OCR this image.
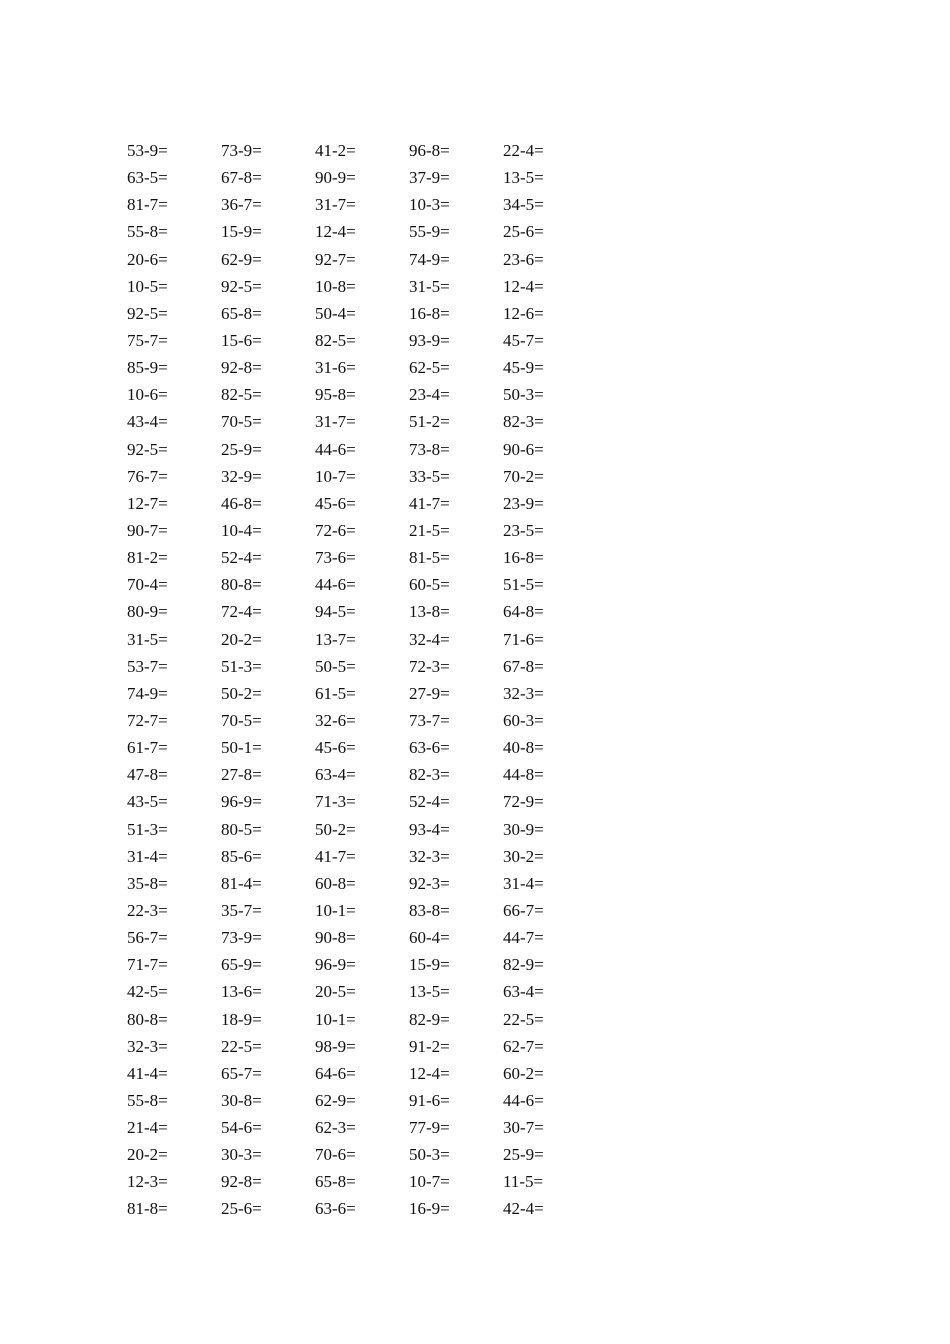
53-9=	73-9=	41-2=	96-8=	22-4=
63-5=	67-8=	90-9=	37-9=	13-5=
81-7=	36-7=	31-7=	10-3=	34-5=
55-8=	15-9=	12-4=	55-9=	25-6=
20-6=	62-9=	92-7=	74-9=	23-6=
10-5=	92-5=	10-8=	31-5=	12-4=
92-5=	65-8=	50-4=	16-8=	12-6=
75-7=	15-6=	82-5=	93-9=	45-7=
85-9=	92-8=	31-6=	62-5=	45-9=
10-6=	82-5=	95-8=	23-4=	50-3=
43-4=	70-5=	31-7=	51-2=	82-3=
92-5=	25-9=	44-6=	73-8=	90-6=
76-7=	32-9=	10-7=	33-5=	70-2=
12-7=	46-8=	45-6=	41-7=	23-9=
90-7=	10-4=	72-6=	21-5=	23-5=
81-2=	52-4=	73-6=	81-5=	16-8=
70-4=	80-8=	44-6=	60-5=	51-5=
80-9=	72-4=	94-5=	13-8=	64-8=
31-5=	20-2=	13-7=	32-4=	71-6=
53-7=	51-3=	50-5=	72-3=	67-8=
74-9=	50-2=	61-5=	27-9=	32-3=
72-7=	70-5=	32-6=	73-7=	60-3=
61-7=	50-1=	45-6=	63-6=	40-8=
47-8=	27-8=	63-4=	82-3=	44-8=
43-5=	96-9=	71-3=	52-4=	72-9=
51-3=	80-5=	50-2=	93-4=	30-9=
31-4=	85-6=	41-7=	32-3=	30-2=
35-8=	81-4=	60-8=	92-3=	31-4=
22-3=	35-7=	10-1=	83-8=	66-7=
56-7=	73-9=	90-8=	60-4=	44-7=
71-7=	65-9=	96-9=	15-9=	82-9=
42-5=	13-6=	20-5=	13-5=	63-4=
80-8=	18-9=	10-1=	82-9=	22-5=
32-3=	22-5=	98-9=	91-2=	62-7=
41-4=	65-7=	64-6=	12-4=	60-2=
55-8=	30-8=	62-9=	91-6=	44-6=
21-4=	54-6=	62-3=	77-9=	30-7=
20-2=	30-3=	70-6=	50-3=	25-9=
12-3=	92-8=	65-8=	10-7=	11-5=
81-8=	25-6=	63-6=	16-9=	42-4=
